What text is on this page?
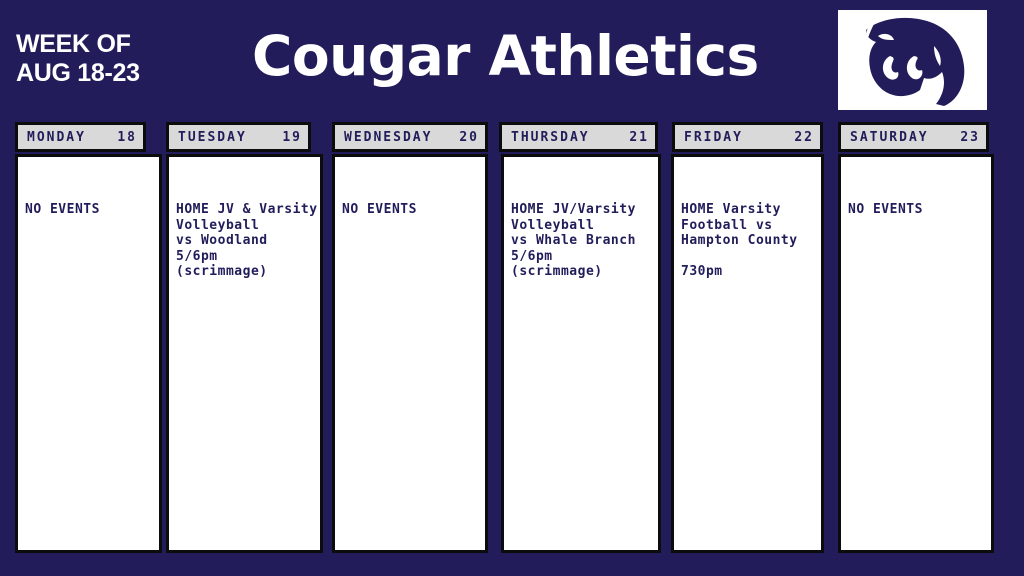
WEEK OF
AUG 18-23 Cougar Athletics
MONDAY 18
NO EVENTS
TUESDAY	19
HOME JV & Varsity
Volleyball
vs Woodland
5/6pm
(scrimmage)
WEDNESDAY 20
NO EVENTS
THURSDAY	21
HOME JV/Varsity
Volleyball
vs Whale Branch
5/6pm
(scrimmage)
FRIDAY	22
HOME Varsity
Football vs
Hampton County
730pm
SATURDAY 23
NO EVENTS
